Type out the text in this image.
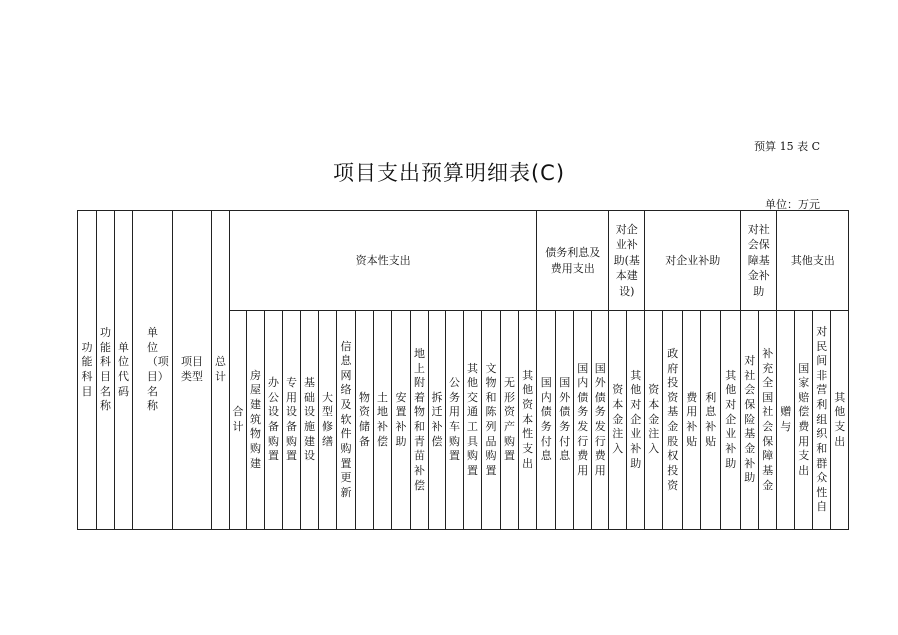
预算 15 表 C
项目支出预算明细表(C)
单位：万元
功能科目	功能科目名称	单位代码	单位（项目）名称	项目类型	总计	资本性支出																	债务利息及费用支出				对企业补助(基本建设)		对企业补助					对社会保障基金补助		其他支出			
						合计	房屋建筑物购建	办公设备购置	专用设备购置	基础设施建设	大型修缮	信息网络及软件购置更新	物资储备	土地补偿	安置补助	地上附着物和青苗补偿	拆迁补偿	公务用车购置	其他交通工具购置	文物和陈列品购置	无形资产购置	其他资本性支出	国内债务付息	国外债务付息	国内债务发行费用	国外债务发行费用	资本金注入	其他对企业补助	资本金注入	政府投资基金股权投资	费用补贴	利息补贴	其他对企业补助	对社会保险基金补助	补充全国社会保障基金	赠与	国家赔偿费用支出	对民间非营利组织和群众性自	其他支出
